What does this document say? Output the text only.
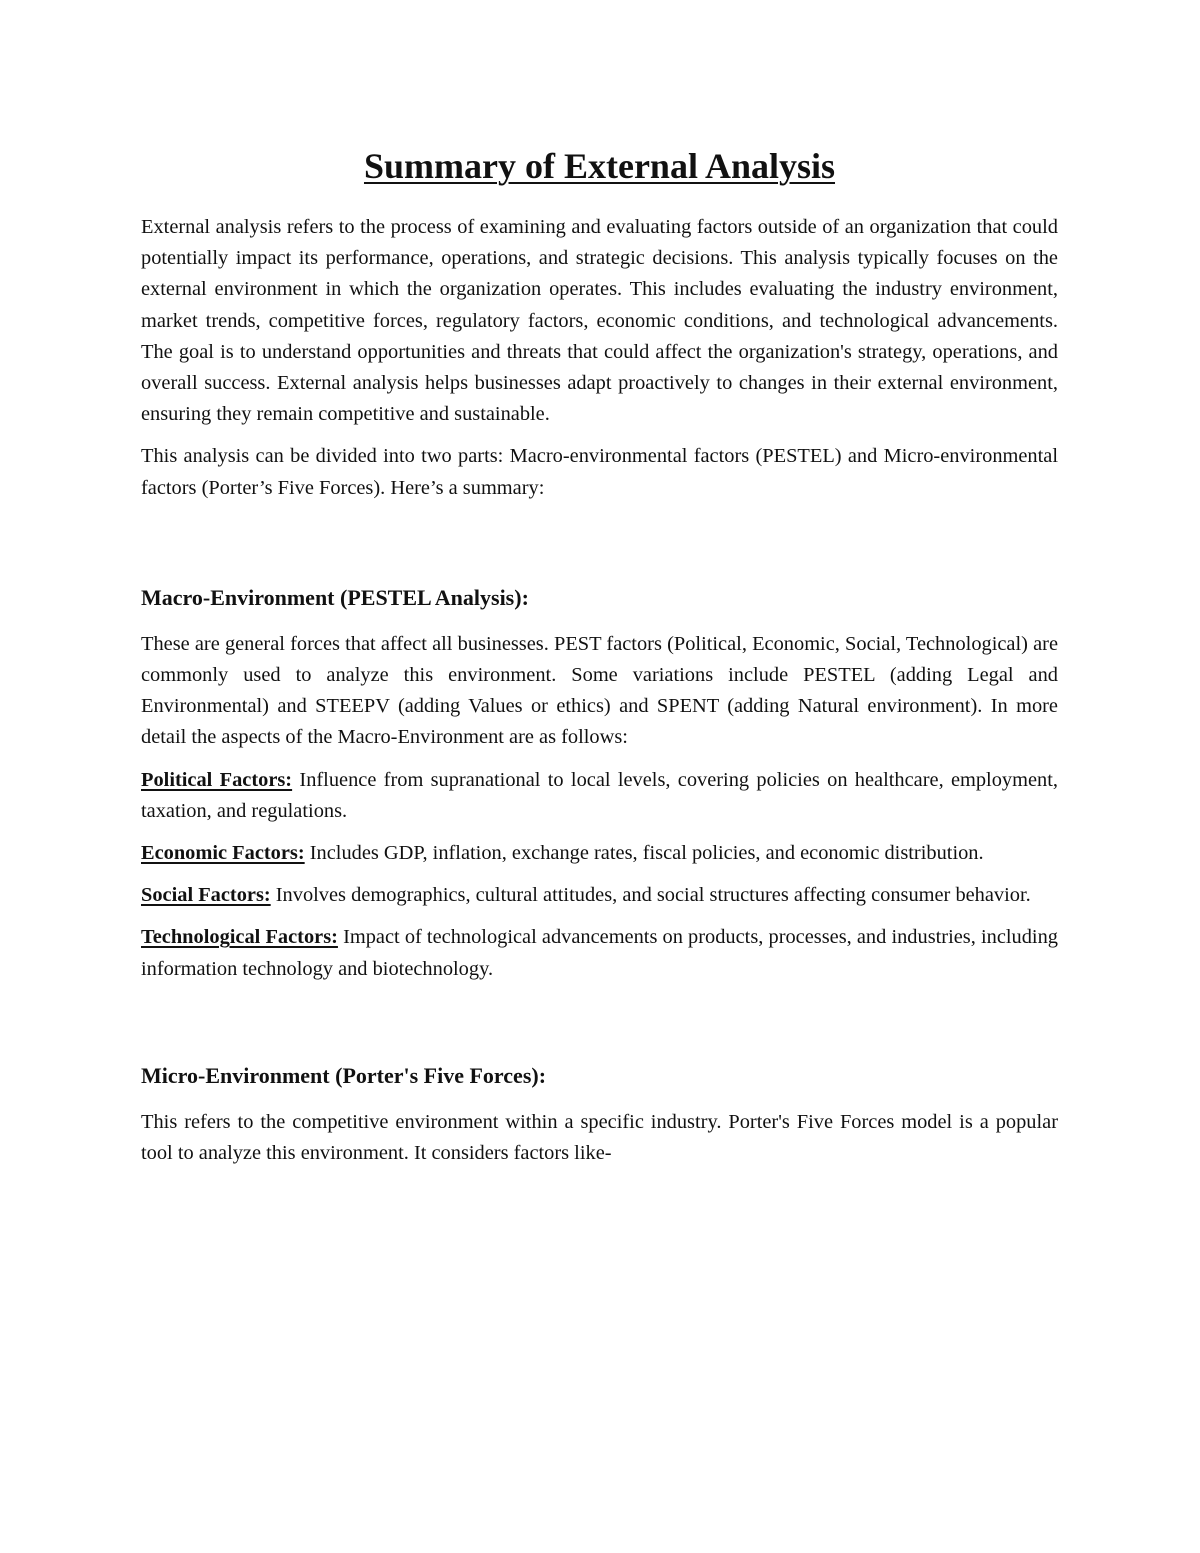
Summary of External Analysis

External analysis refers to the process of examining and evaluating factors outside of an organization that could potentially impact its performance, operations, and strategic decisions. This analysis typically focuses on the external environment in which the organization operates. This includes evaluating the industry environment, market trends, competitive forces, regulatory factors, economic conditions, and technological advancements. The goal is to understand opportunities and threats that could affect the organization's strategy, operations, and overall success. External analysis helps businesses adapt proactively to changes in their external environment, ensuring they remain competitive and sustainable.

This analysis can be divided into two parts: Macro-environmental factors (PESTEL) and Micro-environmental factors (Porter’s Five Forces). Here’s a summary:

Macro-Environment (PESTEL Analysis):

These are general forces that affect all businesses. PEST factors (Political, Economic, Social, Technological) are commonly used to analyze this environment. Some variations include PESTEL (adding Legal and Environmental) and STEEPV (adding Values or ethics) and SPENT (adding Natural environment). In more detail the aspects of the Macro-Environment are as follows:

Political Factors: Influence from supranational to local levels, covering policies on healthcare, employment, taxation, and regulations.

Economic Factors: Includes GDP, inflation, exchange rates, fiscal policies, and economic distribution.

Social Factors: Involves demographics, cultural attitudes, and social structures affecting consumer behavior.

Technological Factors: Impact of technological advancements on products, processes, and industries, including information technology and biotechnology.

Micro-Environment (Porter's Five Forces):

This refers to the competitive environment within a specific industry. Porter's Five Forces model is a popular tool to analyze this environment. It considers factors like-
